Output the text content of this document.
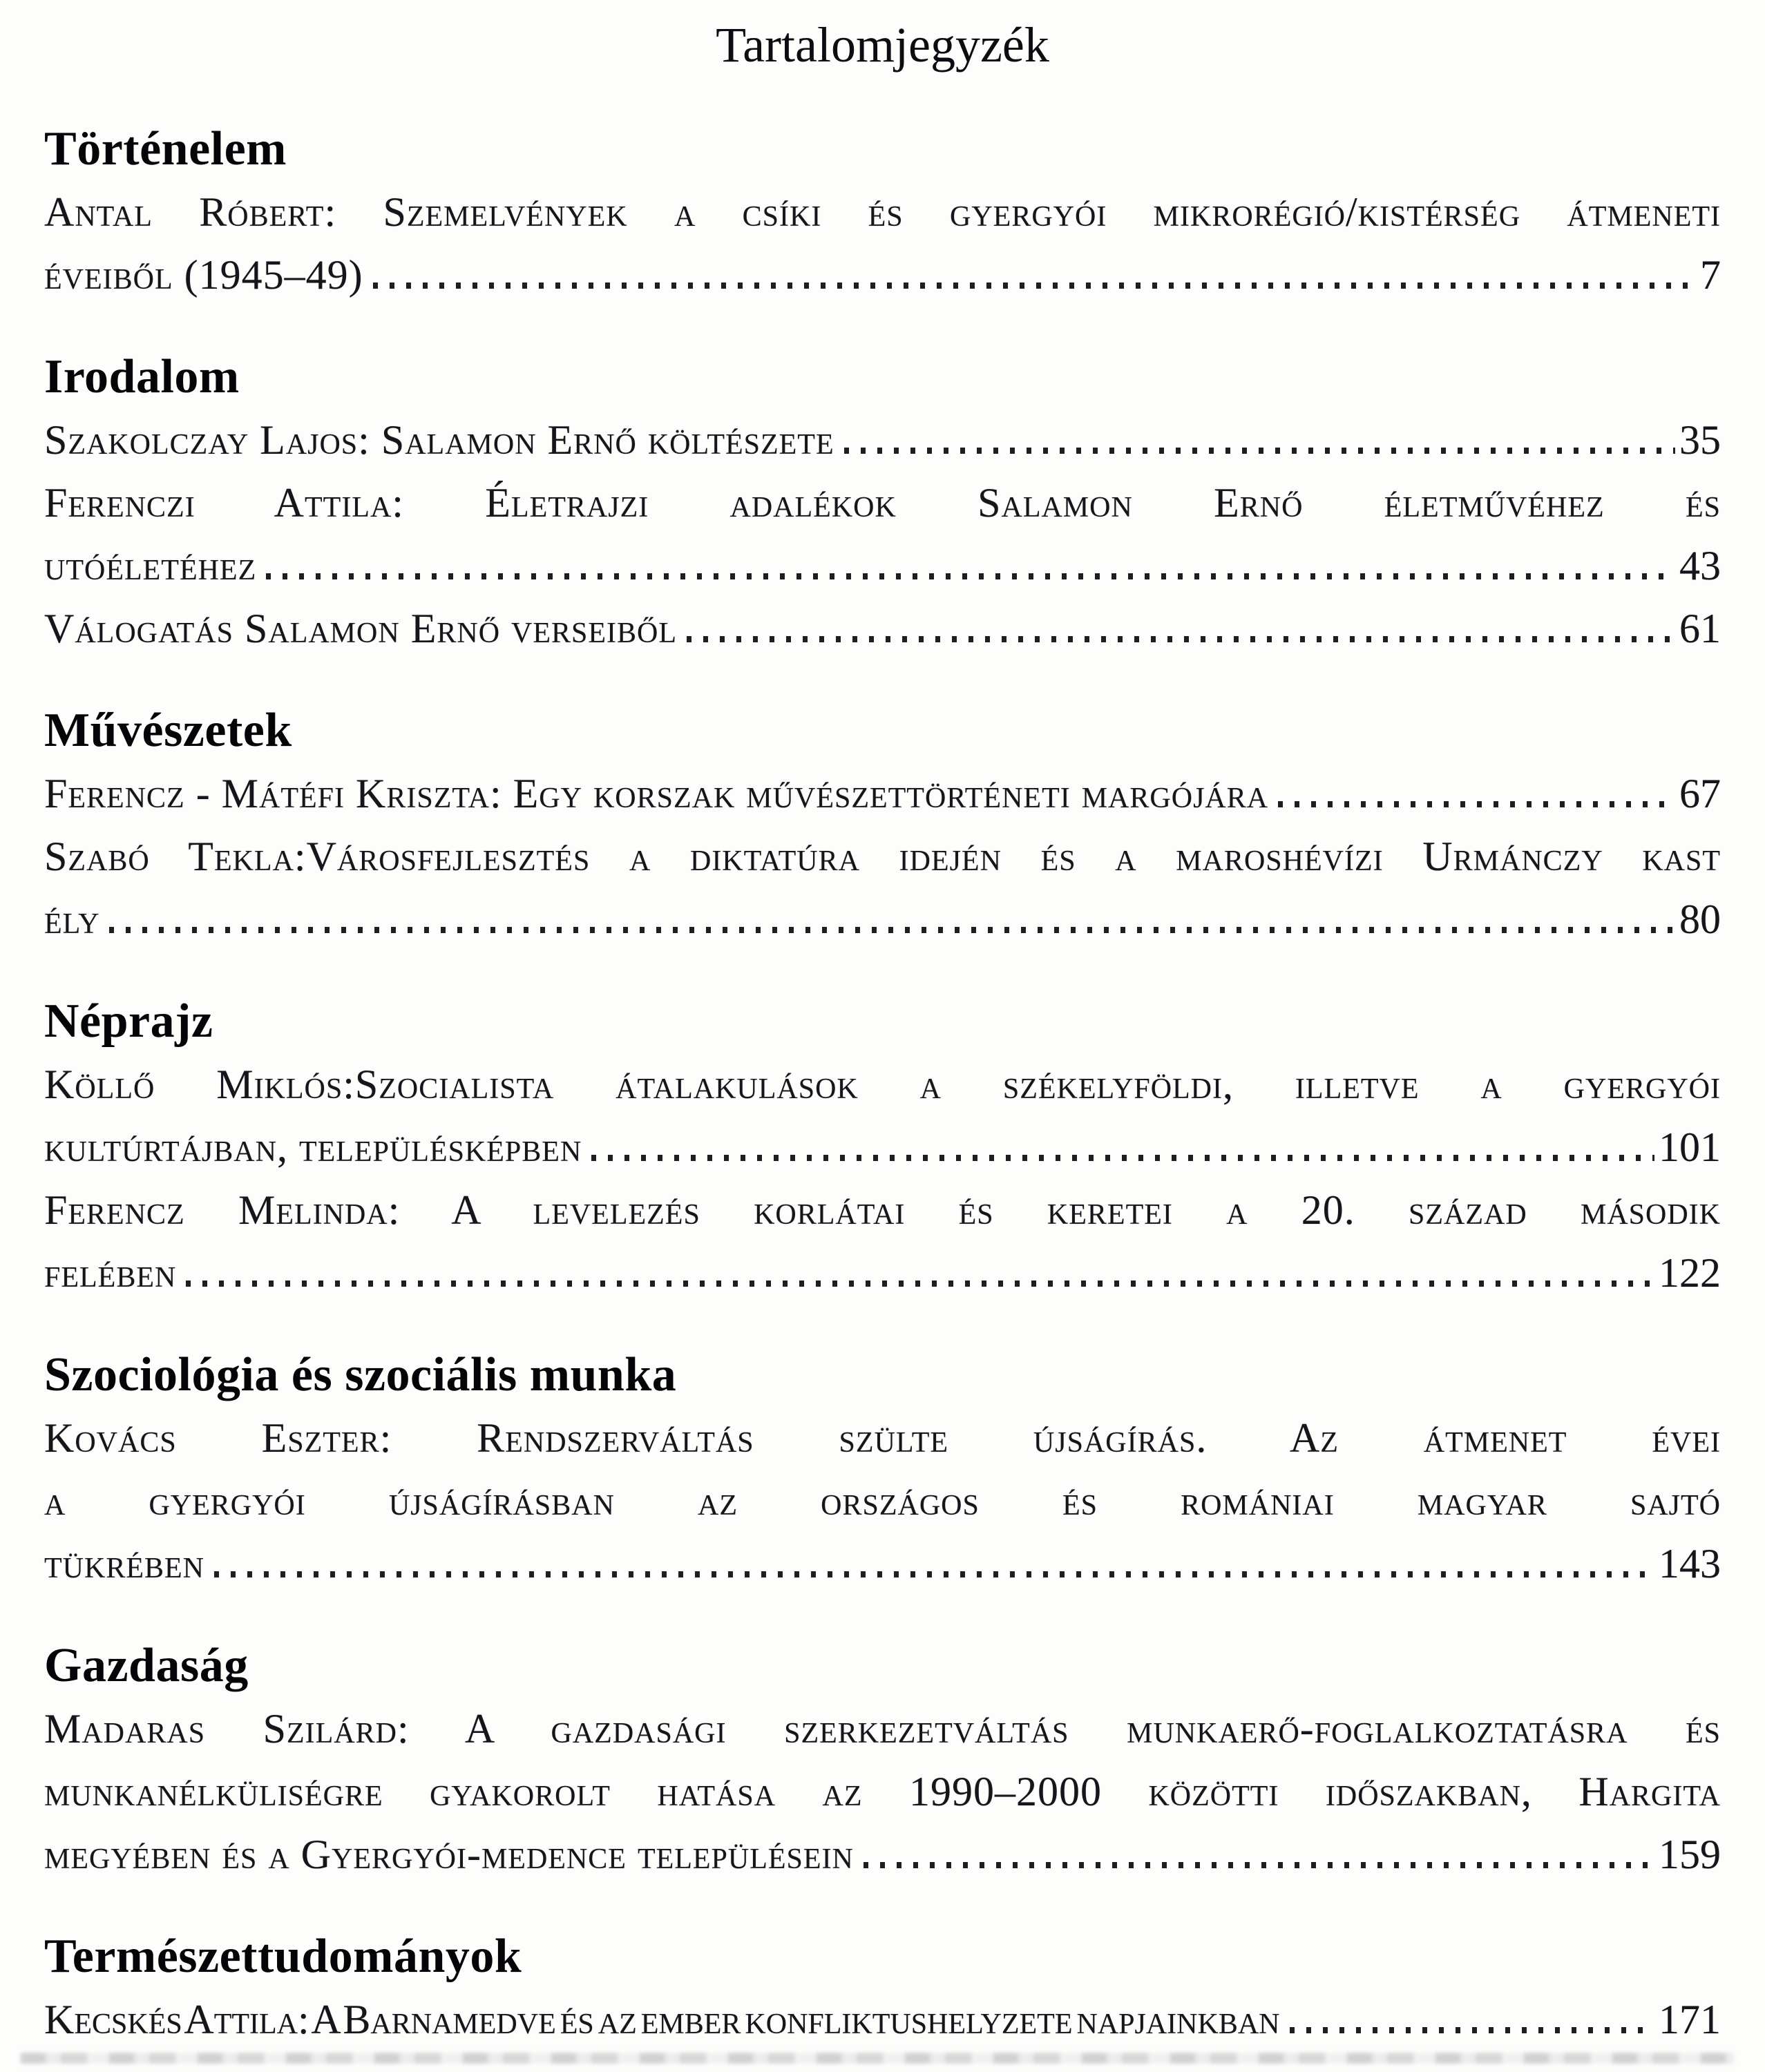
Tartalomjegyzék
Történelem
Antal Róbert: Szemelvények a csíki és gyergyói mikrorégió/kistérség átmeneti
éveiből (1945–49)	7
Irodalom
Szakolczay Lajos: Salamon Ernő költészete	35
Ferenczi Attila: Életrajzi adalékok Salamon Ernő életművéhez és
utóéletéhez	43
Válogatás Salamon Ernő verseiből	61
Művészetek
Ferencz - Mátéfi Kriszta: Egy korszak művészettörténeti margójára	67
Szabó Tekla:Városfejlesztés a diktatúra idején és a maroshévízi Urmánczy kast
ély	80
Néprajz
Köllő Miklós:Szocialista átalakulások a székelyföldi, illetve a gyergyói
kultúrtájban, településképben	101
Ferencz Melinda: A levelezés korlátai és keretei a 20. század második
felében	122
Szociológia és szociális munka
Kovács Eszter: Rendszerváltás szülte újságírás. Az átmenet évei
a gyergyói újságírásban az országos és romániai magyar sajtó
tükrében	143
Gazdaság
Madaras Szilárd: A gazdasági szerkezetváltás munkaerő-foglalkoztatásra és
munkanélküliségre gyakorolt hatása az 1990–2000 közötti időszakban, Hargita
megyében és a Gyergyói-medence településein	159
Természettudományok
Kecskés Attila: A Barnamedve és az ember konfliktushelyzete napjainkban	171
